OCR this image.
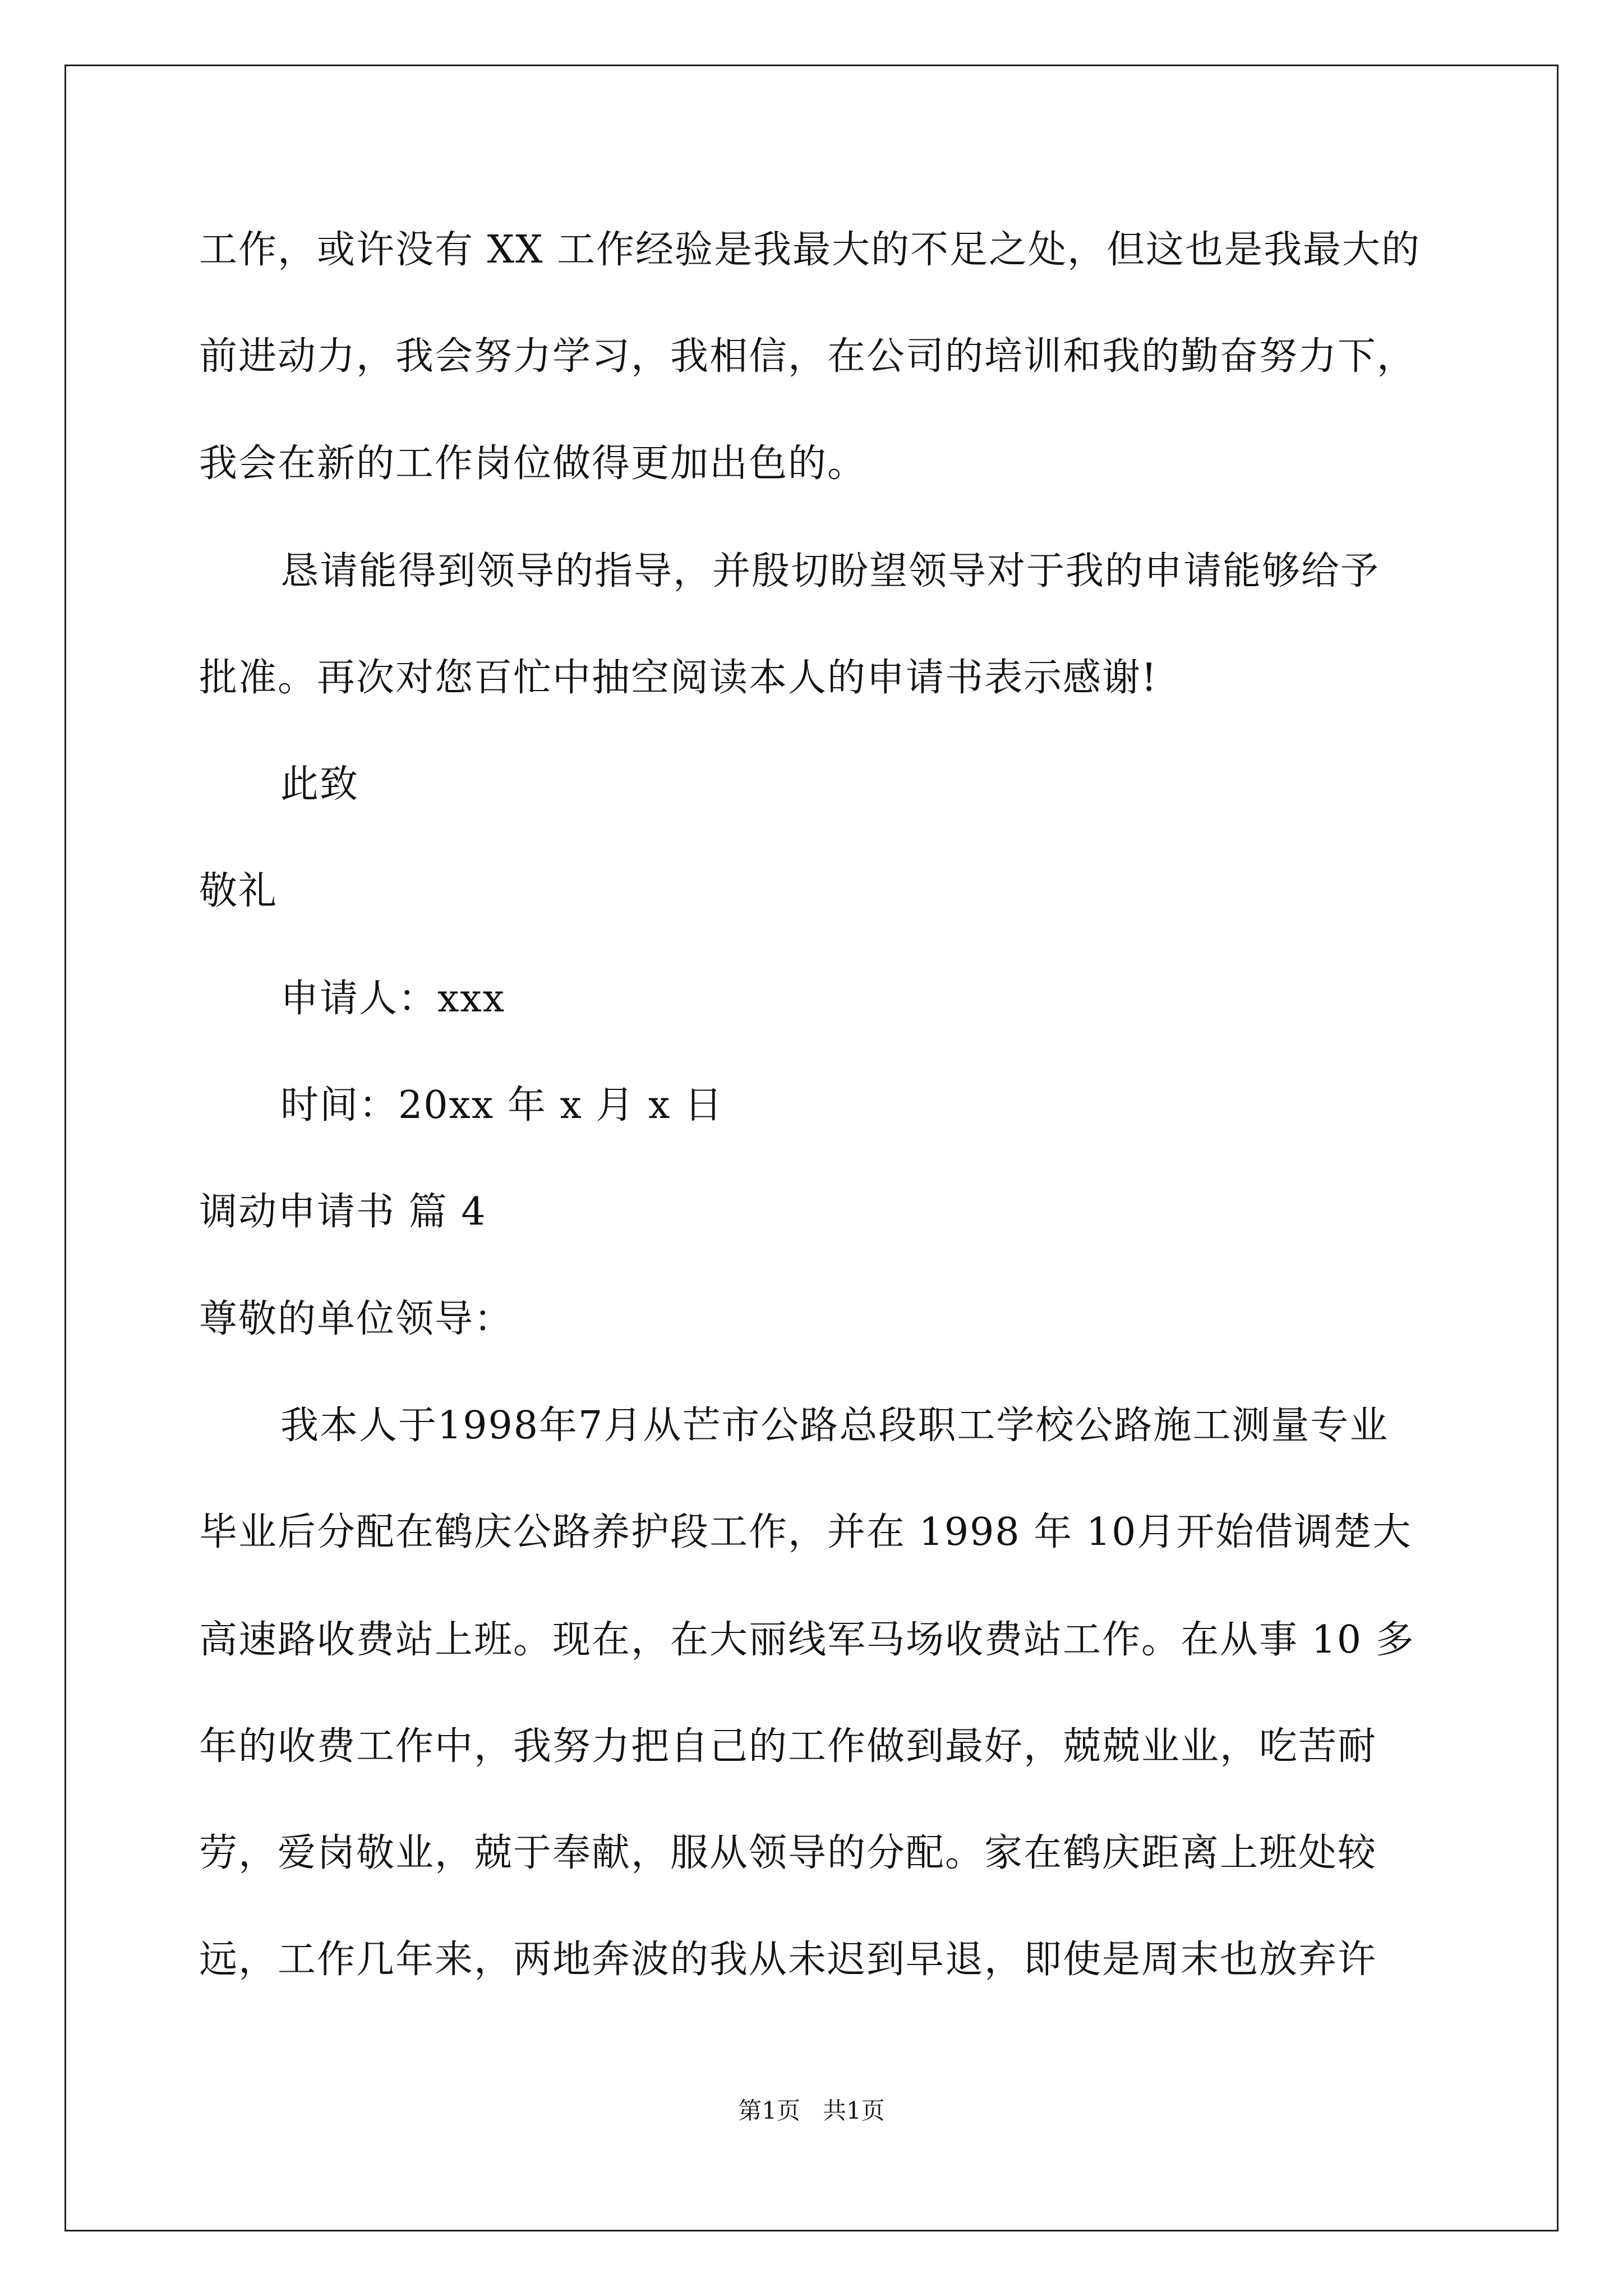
工作，或许没有 XX 工作经验是我最大的不足之处，但这也是我最大的
前进动力，我会努力学习，我相信，在公司的培训和我的勤奋努力下，
我会在新的工作岗位做得更加出色的。
恳请能得到领导的指导，并殷切盼望领导对于我的申请能够给予
批准。再次对您百忙中抽空阅读本人的申请书表示感谢!
此致
敬礼
申请人：xxx
时间：20xx 年 x 月 x 日
调动申请书 篇 4
尊敬的单位领导：
我本人于1998年7月从芒市公路总段职工学校公路施工测量专业
毕业后分配在鹤庆公路养护段工作，并在 1998 年 10月开始借调楚大
高速路收费站上班。现在，在大丽线军马场收费站工作。在从事 10 多
年的收费工作中，我努力把自己的工作做到最好，兢兢业业，吃苦耐
劳，爱岗敬业，兢于奉献，服从领导的分配。家在鹤庆距离上班处较
远，工作几年来，两地奔波的我从未迟到早退，即使是周末也放弃许
第1页   共1页
